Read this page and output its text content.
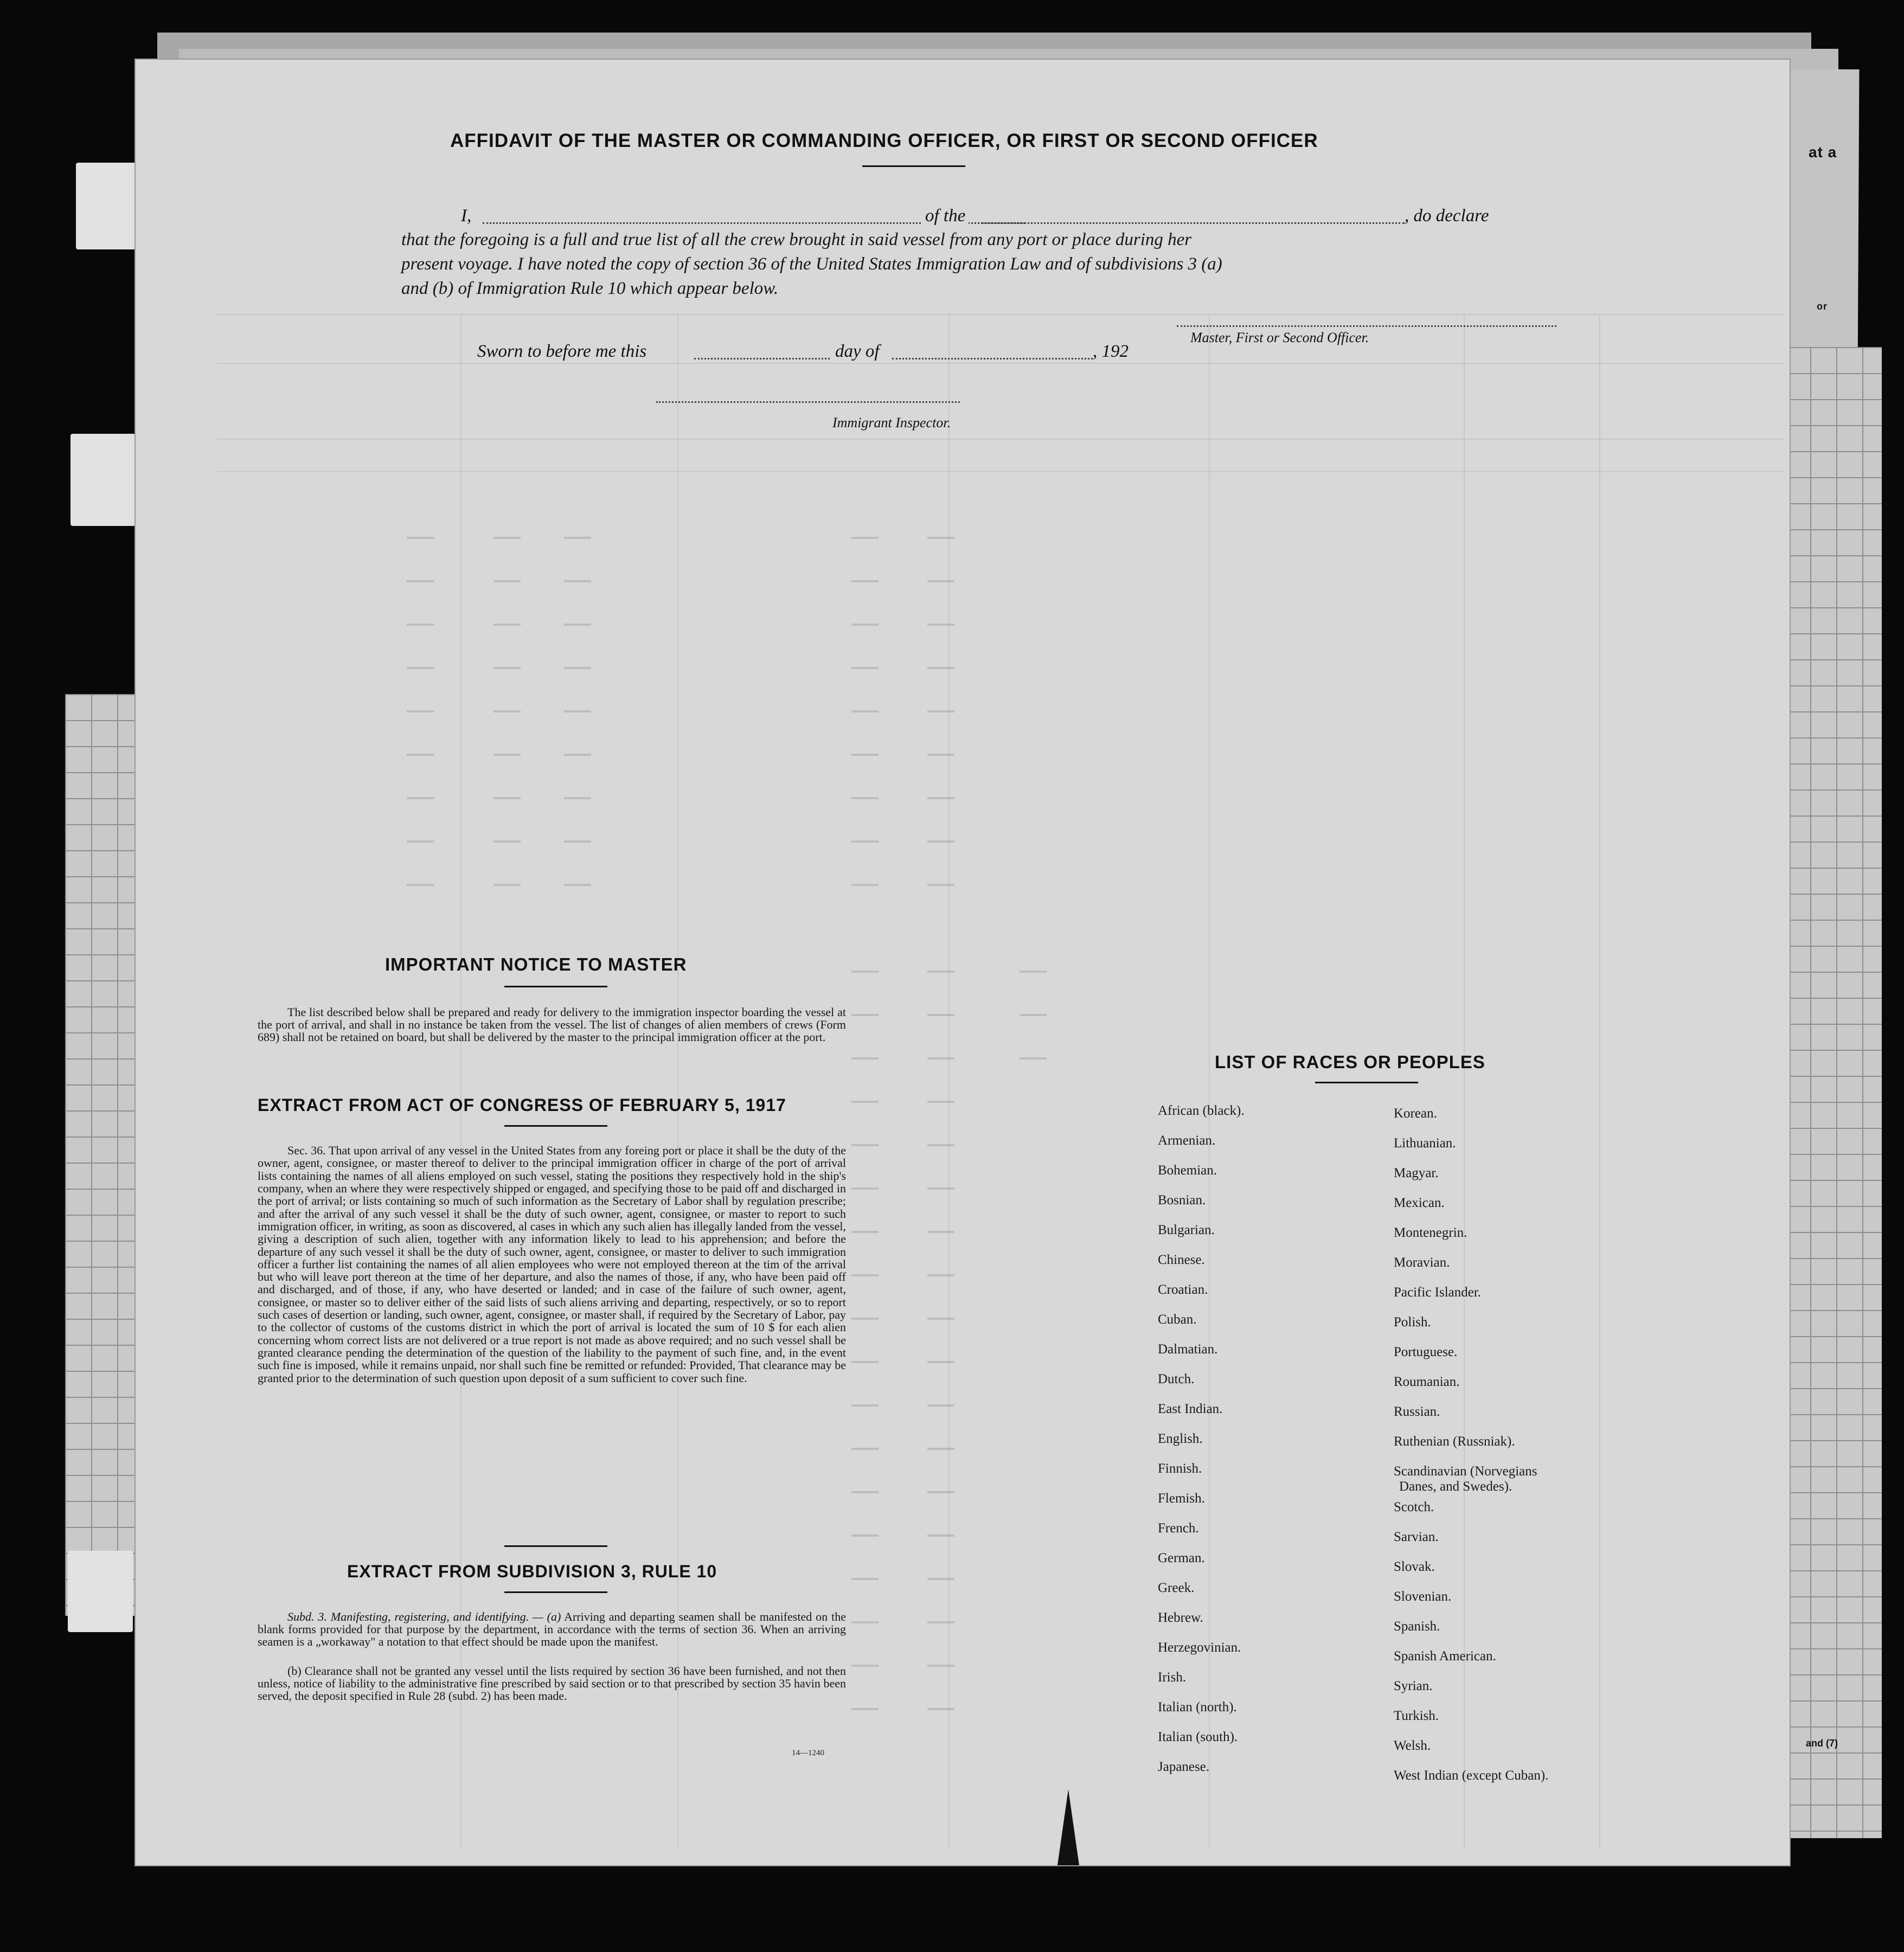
AFFIDAVIT OF THE MASTER OR COMMANDING OFFICER, OR FIRST OR SECOND OFFICER
I,	of the	, do declare
that the foregoing is a full and true list of all the crew brought in said vessel from any port or place during her
present voyage. I have noted the copy of section 36 of the United States Immigration Law and of subdivisions 3 (a)
and (b) of Immigration Rule 10 which appear below.
Master, First or Second Officer.
Sworn to before me this	day of	, 192
Immigrant Inspector.
IMPORTANT NOTICE TO MASTER
The list described below shall be prepared and ready for delivery to the immigration inspector boarding the vessel at the port of arrival, and shall in no instance be taken from the vessel. The list of changes of alien members of crews (Form 689) shall not be retained on board, but shall be delivered by the master to the principal immigration officer at the port.
EXTRACT FROM ACT OF CONGRESS OF FEBRUARY 5, 1917
Sec. 36. That upon arrival of any vessel in the United States from any foreing port or place it shall be the duty of the owner, agent, consignee, or master thereof to deliver to the principal immigration officer in charge of the port of arrival lists containing the names of all aliens employed on such vessel, stating the positions they respectively hold in the ship's company, when an where they were respectively shipped or engaged, and specifying those to be paid off and discharged in the port of arrival; or lists containing so much of such information as the Secretary of Labor shall by regulation prescribe; and after the arrival of any such vessel it shall be the duty of such owner, agent, consignee, or master to report to such immigration officer, in writing, as soon as discovered, al cases in which any such alien has illegally landed from the vessel, giving a description of such alien, together with any information likely to lead to his apprehension; and before the departure of any such vessel it shall be the duty of such owner, agent, consignee, or master to deliver to such immigration officer a further list containing the names of all alien employees who were not employed thereon at the tim of the arrival but who will leave port thereon at the time of her departure, and also the names of those, if any, who have been paid off and discharged, and of those, if any, who have deserted or landed; and in case of the failure of such owner, agent, consignee, or master so to deliver either of the said lists of such aliens arriving and departing, respectively, or so to report such cases of desertion or landing, such owner, agent, consignee, or master shall, if required by the Secretary of Labor, pay to the collector of customs of the customs district in which the port of arrival is located the sum of 10 $ for each alien concerning whom correct lists are not delivered or a true report is not made as above required; and no such vessel shall be granted clearance pending the determination of the question of the liability to the payment of such fine, and, in the event such fine is imposed, while it remains unpaid, nor shall such fine be remitted or refunded: Provided, That clearance may be granted prior to the determination of such question upon deposit of a sum sufficient to cover such fine.
EXTRACT FROM SUBDIVISION 3, RULE 10
Subd. 3. Manifesting, registering, and identifying. — (a) Arriving and departing seamen shall be manifested on the blank forms provided for that purpose by the department, in accordance with the terms of section 36. When an arriving seamen is a „workaway" a notation to that effect should be made upon the manifest.
(b) Clearance shall not be granted any vessel until the lists required by section 36 have been furnished, and not then unless, notice of liability to the administrative fine prescribed by said section or to that prescribed by section 35 havin been served, the deposit specified in Rule 28 (subd. 2) has been made.
14—1240
LIST OF RACES OR PEOPLES
African (black).
Armenian.
Bohemian.
Bosnian.
Bulgarian.
Chinese.
Croatian.
Cuban.
Dalmatian.
Dutch.
East Indian.
English.
Finnish.
Flemish.
French.
German.
Greek.
Hebrew.
Herzegovinian.
Irish.
Italian (north).
Italian (south).
Japanese.
Korean.
Lithuanian.
Magyar.
Mexican.
Montenegrin.
Moravian.
Pacific Islander.
Polish.
Portuguese.
Roumanian.
Russian.
Ruthenian (Russniak).
Scandinavian (Norvegians
Danes, and Swedes).
Scotch.
Sarvian.
Slovak.
Slovenian.
Spanish.
Spanish American.
Syrian.
Turkish.
Welsh.
West Indian (except Cuban).
at a
or
and (7)
